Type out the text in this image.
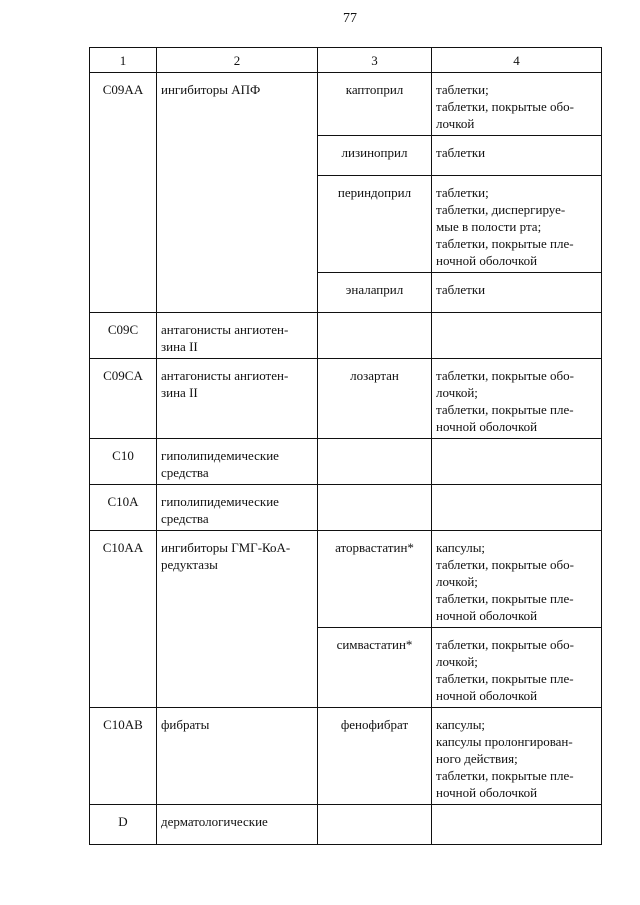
77
1	2	3	4
C09AA	ингибиторы АПФ	каптоприл	таблетки;
таблетки, покрытые обо-
лочкой

		лизиноприл	таблетки

		периндоприл	таблетки;
таблетки, диспергируе-
мые в полости рта;
таблетки, покрытые пле-
ночной оболочкой

		эналаприл	таблетки

C09C	антагонисты ангиотен-
зина II		

C09CA	антагонисты ангиотен-
зина II	лозартан	таблетки, покрытые обо-
лочкой;
таблетки, покрытые пле-
ночной оболочкой

C10	гиполипидемические
средства		

C10A	гиполипидемические
средства		

C10AA	ингибиторы ГМГ-КоА-
редуктазы	аторвастатин*	капсулы;
таблетки, покрытые обо-
лочкой;
таблетки, покрытые пле-
ночной оболочкой

		симвастатин*	таблетки, покрытые обо-
лочкой;
таблетки, покрытые пле-
ночной оболочкой

C10AB	фибраты	фенофибрат	капсулы;
капсулы пролонгирован-
ного действия;
таблетки, покрытые пле-
ночной оболочкой

D	дерматологические		
